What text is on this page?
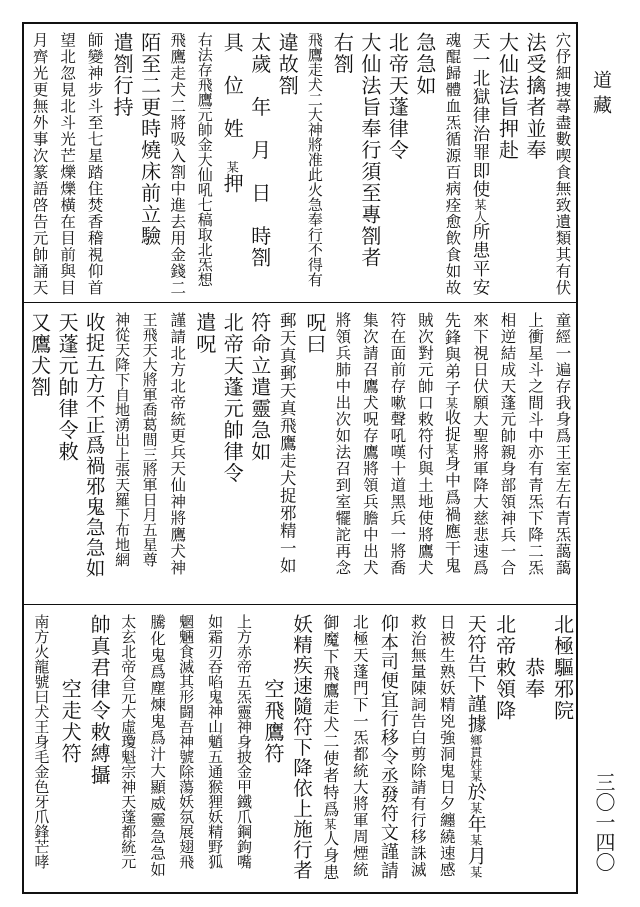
穴伃細捜蕁盡數喫食無致遺類其有伏
法受擒者並奉
大仙法旨押赴
天一北獄律治罪即使某人所患平安
魂醌歸體血炁循源百病痊愈飲食如故
急急如
北帝天蓬律令
大仙法旨奉行須至專劄者
右劄
飛鷹走犬二大神將准此火急奉行不得有
違故劄
太歲　年　月　日　時劄
具　位　姓　某押
右法存飛鷹元帥金大仙吼七稿取北炁想
飛鷹走犬二將吸入劄中進去用金錢二
陌至二更時燒床前立驗
遣劄行持
師變神步斗至七星踏住焚香稽視仰首
望北忽見北斗光芒爍爍橫在目前與目
月齊光更無外事次篆語啓告元帥誦天
童經一遍存我身爲王室左右青炁藹藹
上衝星斗之間斗中亦有青炁下降二炁
相逆結成天蓬元帥親身部領神兵一合
來下視日伏願大聖將軍降大慈悲速爲
先鋒與弟子某收捉某身中爲禍應干鬼
賊次對元帥口敕符付與土地使將鷹犬
符在面前存嗽聲吼嘆十道黑兵一將喬
集次請召鷹犬呪存鷹將領兵膽中出犬
將領兵肺中出次如法召到室犤詑再念
呪曰
郵天真郵天真飛鷹走犬捉邪精一如
符命立遣靈急如
北帝天蓬元帥律令
遣呪
謹請北方北帝統更兵天仙神將鷹犬神
王飛天大將軍喬葛間三將軍日月五星尊
神從天降下自地湧出上張天羅下布地網
收捉五方不正爲禍邪鬼急急如
天蓬元帥律令敕
又鷹犬劄
北極驅邪院
　　恭奉
北帝敕領降
天符告下謹據鄉貫姓某於某年某月某
日被生熟妖精兇強洞鬼日夕纏繞速感
救治無量陳詞告白剪除請有行移誅滅
仰本司便宜行移令丞發符文謹請
北極天蓬門下一炁都統大將軍周煙統
御魔下飛鷹走犬二使者特爲某人身患
妖精疾速隨符下降依上施行者
　　　空飛鷹符
上方赤帝五炁靈神身披金甲鐵爪鋼鉤嘴
如霜刃吞啗鬼神山魈五通猴狸妖精野狐
魍魎食滅其形闘吾神號除蕩妖氛展翅飛
騰化鬼爲塵煉鬼爲汁大顯威靈急急如
太玄北帝合元大虛瓊魁宗神天蓬都統元
帥真君律令敕縛攝
　　　空走犬符
南方火龍號曰犬王身毛金色牙爪鋒芒哮
道藏
三〇一四〇
